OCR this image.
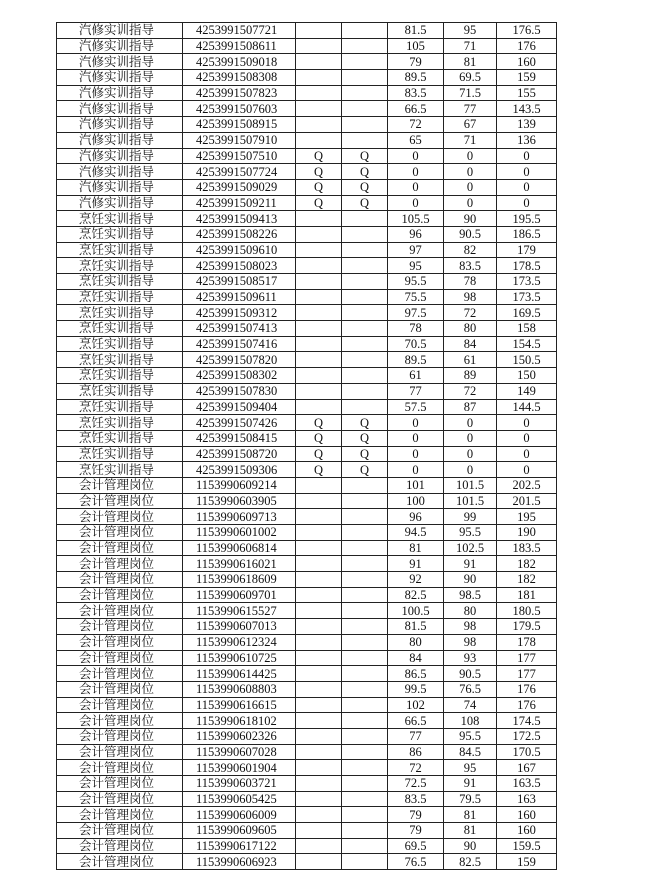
汽修实训指导	4253991507721			81.5	95	176.5
汽修实训指导	4253991508611			105	71	176
汽修实训指导	4253991509018			79	81	160
汽修实训指导	4253991508308			89.5	69.5	159
汽修实训指导	4253991507823			83.5	71.5	155
汽修实训指导	4253991507603			66.5	77	143.5
汽修实训指导	4253991508915			72	67	139
汽修实训指导	4253991507910			65	71	136
汽修实训指导	4253991507510	Q	Q	0	0	0
汽修实训指导	4253991507724	Q	Q	0	0	0
汽修实训指导	4253991509029	Q	Q	0	0	0
汽修实训指导	4253991509211	Q	Q	0	0	0
烹饪实训指导	4253991509413			105.5	90	195.5
烹饪实训指导	4253991508226			96	90.5	186.5
烹饪实训指导	4253991509610			97	82	179
烹饪实训指导	4253991508023			95	83.5	178.5
烹饪实训指导	4253991508517			95.5	78	173.5
烹饪实训指导	4253991509611			75.5	98	173.5
烹饪实训指导	4253991509312			97.5	72	169.5
烹饪实训指导	4253991507413			78	80	158
烹饪实训指导	4253991507416			70.5	84	154.5
烹饪实训指导	4253991507820			89.5	61	150.5
烹饪实训指导	4253991508302			61	89	150
烹饪实训指导	4253991507830			77	72	149
烹饪实训指导	4253991509404			57.5	87	144.5
烹饪实训指导	4253991507426	Q	Q	0	0	0
烹饪实训指导	4253991508415	Q	Q	0	0	0
烹饪实训指导	4253991508720	Q	Q	0	0	0
烹饪实训指导	4253991509306	Q	Q	0	0	0
会计管理岗位	1153990609214			101	101.5	202.5
会计管理岗位	1153990603905			100	101.5	201.5
会计管理岗位	1153990609713			96	99	195
会计管理岗位	1153990601002			94.5	95.5	190
会计管理岗位	1153990606814			81	102.5	183.5
会计管理岗位	1153990616021			91	91	182
会计管理岗位	1153990618609			92	90	182
会计管理岗位	1153990609701			82.5	98.5	181
会计管理岗位	1153990615527			100.5	80	180.5
会计管理岗位	1153990607013			81.5	98	179.5
会计管理岗位	1153990612324			80	98	178
会计管理岗位	1153990610725			84	93	177
会计管理岗位	1153990614425			86.5	90.5	177
会计管理岗位	1153990608803			99.5	76.5	176
会计管理岗位	1153990616615			102	74	176
会计管理岗位	1153990618102			66.5	108	174.5
会计管理岗位	1153990602326			77	95.5	172.5
会计管理岗位	1153990607028			86	84.5	170.5
会计管理岗位	1153990601904			72	95	167
会计管理岗位	1153990603721			72.5	91	163.5
会计管理岗位	1153990605425			83.5	79.5	163
会计管理岗位	1153990606009			79	81	160
会计管理岗位	1153990609605			79	81	160
会计管理岗位	1153990617122			69.5	90	159.5
会计管理岗位	1153990606923			76.5	82.5	159
